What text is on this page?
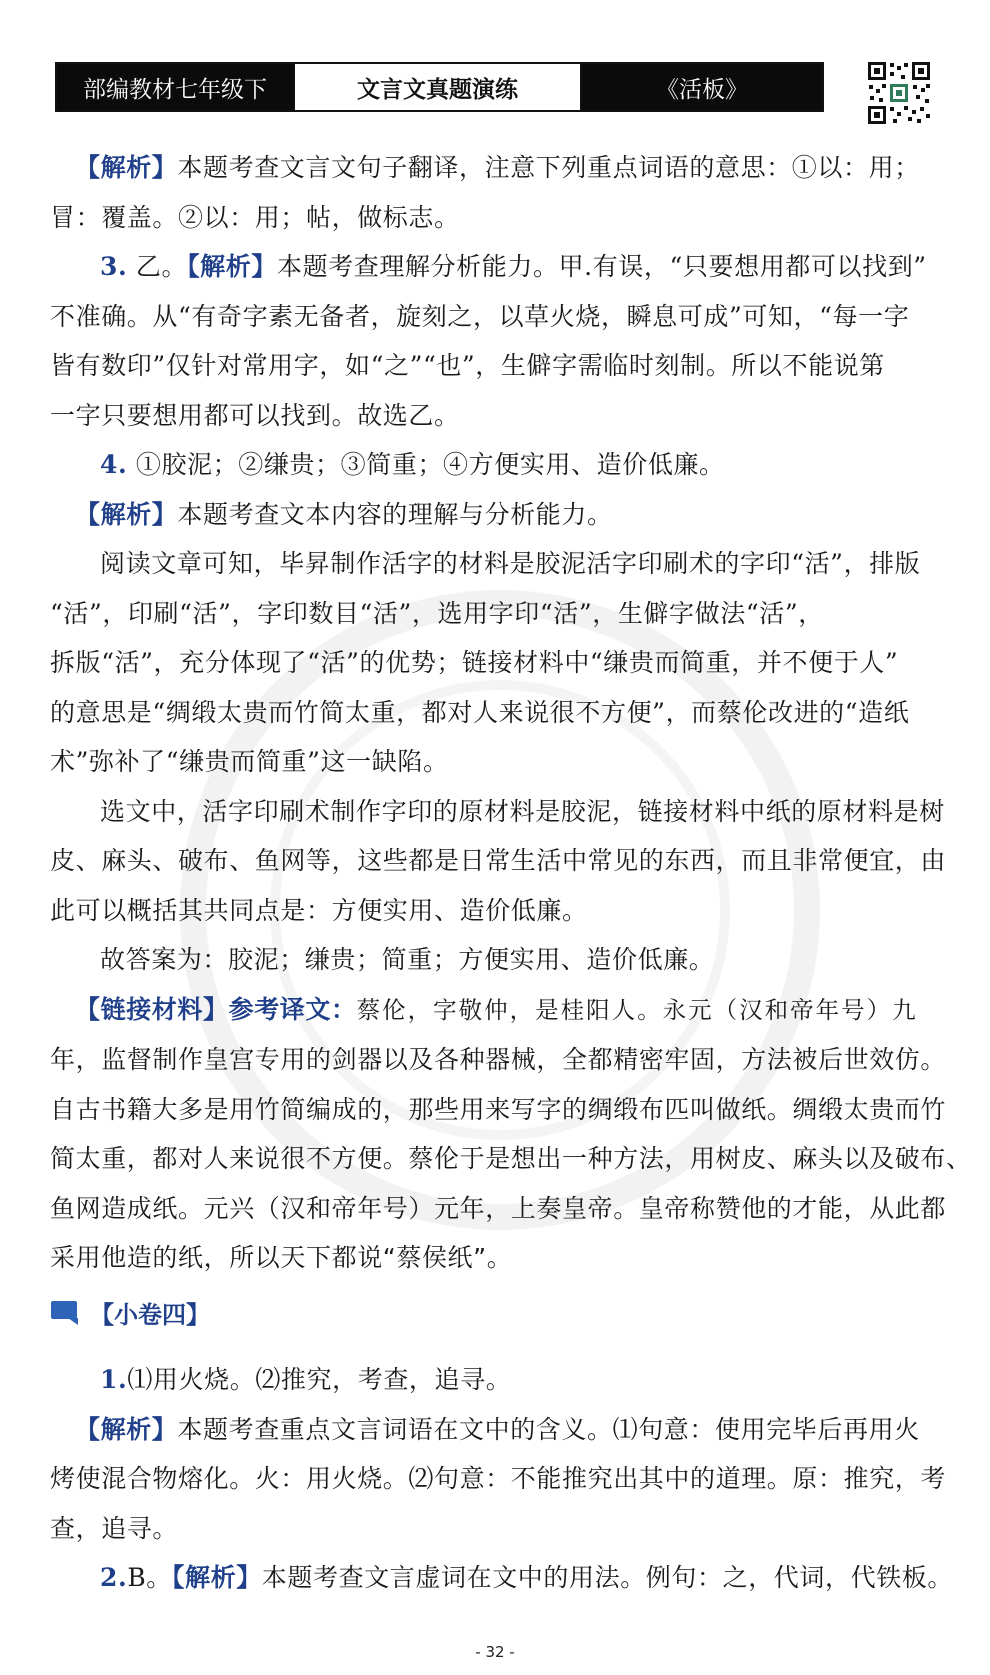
部编教材七年级下	文言文真题演练	《活板》

【解析】本题考查文言文句子翻译，注意下列重点词语的意思：①以：用；

冒：覆盖。②以：用；帖，做标志。

3. 乙。【解析】本题考查理解分析能力。甲.有误，“只要想用都可以找到”

不准确。从“有奇字素无备者，旋刻之，以草火烧，瞬息可成”可知，“每一字

皆有数印”仅针对常用字，如“之”“也”，生僻字需临时刻制。所以不能说第

一字只要想用都可以找到。故选乙。

4. ①胶泥；②缣贵；③简重；④方便实用、造价低廉。

【解析】本题考查文本内容的理解与分析能力。

阅读文章可知，毕昇制作活字的材料是胶泥活字印刷术的字印“活”，排版

“活”，印刷“活”，字印数目“活”，选用字印“活”，生僻字做法“活”，

拆版“活”，充分体现了“活”的优势；链接材料中“缣贵而简重，并不便于人”

的意思是“绸缎太贵而竹简太重，都对人来说很不方便”，而蔡伦改进的“造纸

术”弥补了“缣贵而简重”这一缺陷。

选文中，活字印刷术制作字印的原材料是胶泥，链接材料中纸的原材料是树

皮、麻头、破布、鱼网等，这些都是日常生活中常见的东西，而且非常便宜，由

此可以概括其共同点是：方便实用、造价低廉。

故答案为：胶泥；缣贵；简重；方便实用、造价低廉。

【链接材料】参考译文：蔡伦，字敬仲，是桂阳人。永元（汉和帝年号）九

年，监督制作皇宫专用的剑器以及各种器械，全都精密牢固，方法被后世效仿。

自古书籍大多是用竹简编成的，那些用来写字的绸缎布匹叫做纸。绸缎太贵而竹

简太重，都对人来说很不方便。蔡伦于是想出一种方法，用树皮、麻头以及破布、

鱼网造成纸。元兴（汉和帝年号）元年，上奏皇帝。皇帝称赞他的才能，从此都

采用他造的纸，所以天下都说“蔡侯纸”。

【小卷四】

1.⑴用火烧。⑵推究，考查，追寻。

【解析】本题考查重点文言词语在文中的含义。⑴句意：使用完毕后再用火

烤使混合物熔化。火：用火烧。⑵句意：不能推究出其中的道理。原：推究，考

查，追寻。

2.B。【解析】本题考查文言虚词在文中的用法。例句：之，代词，代铁板。

- 32 -
